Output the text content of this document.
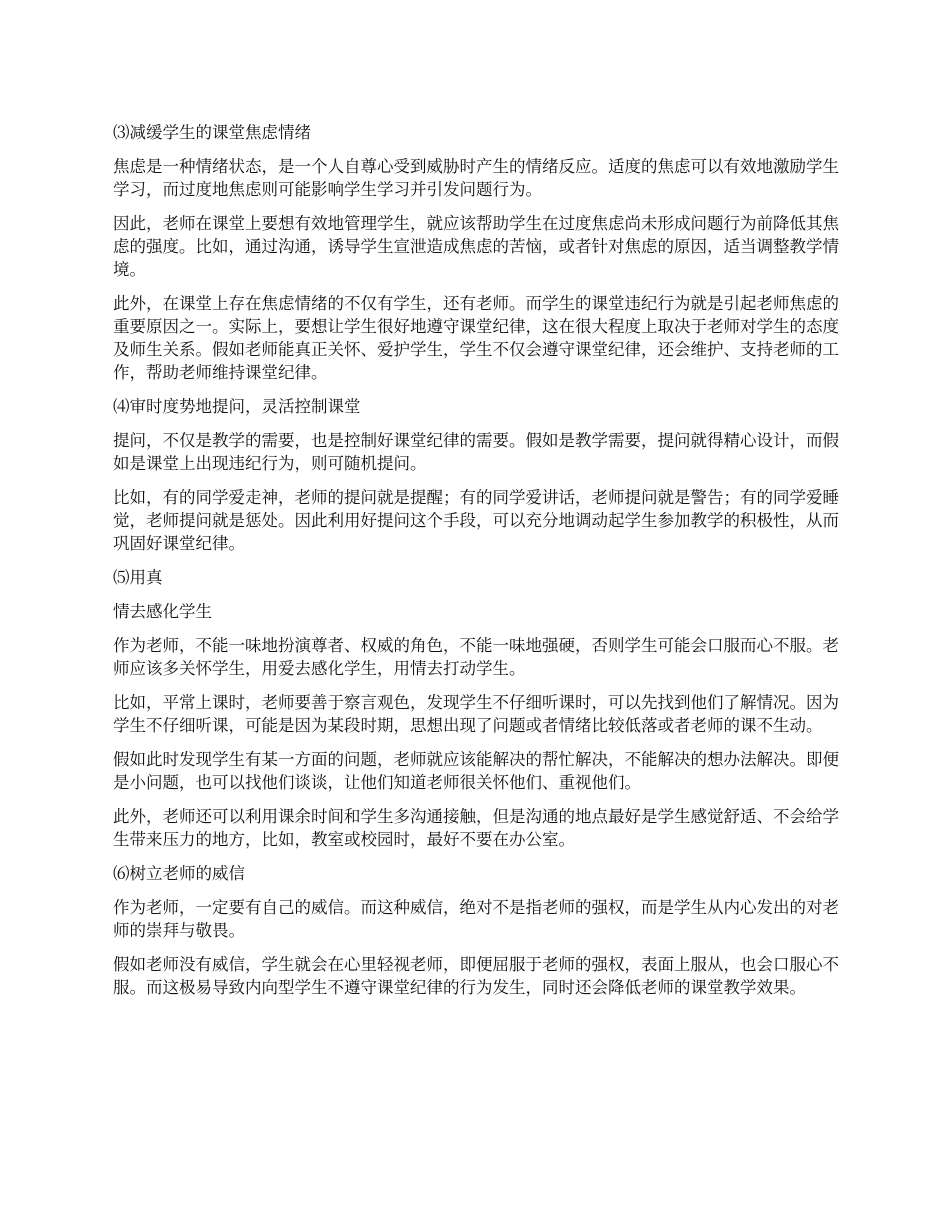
⑶减缓学生的课堂焦虑情绪

焦虑是一种情绪状态，是一个人自尊心受到威胁时产生的情绪反应。适度的焦虑可以有效地激励学生学习，而过度地焦虑则可能影响学生学习并引发问题行为。

因此，老师在课堂上要想有效地管理学生，就应该帮助学生在过度焦虑尚未形成问题行为前降低其焦虑的强度。比如，通过沟通，诱导学生宣泄造成焦虑的苦恼，或者针对焦虑的原因，适当调整教学情境。

此外，在课堂上存在焦虑情绪的不仅有学生，还有老师。而学生的课堂违纪行为就是引起老师焦虑的重要原因之一。实际上，要想让学生很好地遵守课堂纪律，这在很大程度上取决于老师对学生的态度及师生关系。假如老师能真正关怀、爱护学生，学生不仅会遵守课堂纪律，还会维护、支持老师的工作，帮助老师维持课堂纪律。

⑷审时度势地提问，灵活控制课堂

提问，不仅是教学的需要，也是控制好课堂纪律的需要。假如是教学需要，提问就得精心设计，而假如是课堂上出现违纪行为，则可随机提问。

比如，有的同学爱走神，老师的提问就是提醒；有的同学爱讲话，老师提问就是警告；有的同学爱睡觉，老师提问就是惩处。因此利用好提问这个手段，可以充分地调动起学生参加教学的积极性，从而巩固好课堂纪律。

⑸用真

情去感化学生

作为老师，不能一味地扮演尊者、权威的角色，不能一味地强硬，否则学生可能会口服而心不服。老师应该多关怀学生，用爱去感化学生，用情去打动学生。

比如，平常上课时，老师要善于察言观色，发现学生不仔细听课时，可以先找到他们了解情况。因为学生不仔细听课，可能是因为某段时期，思想出现了问题或者情绪比较低落或者老师的课不生动。

假如此时发现学生有某一方面的问题，老师就应该能解决的帮忙解决，不能解决的想办法解决。即便是小问题，也可以找他们谈谈，让他们知道老师很关怀他们、重视他们。

此外，老师还可以利用课余时间和学生多沟通接触，但是沟通的地点最好是学生感觉舒适、不会给学生带来压力的地方，比如，教室或校园时，最好不要在办公室。

⑹树立老师的威信

作为老师，一定要有自己的威信。而这种威信，绝对不是指老师的强权，而是学生从内心发出的对老师的崇拜与敬畏。

假如老师没有威信，学生就会在心里轻视老师，即便屈服于老师的强权，表面上服从，也会口服心不服。而这极易导致内向型学生不遵守课堂纪律的行为发生，同时还会降低老师的课堂教学效果。
